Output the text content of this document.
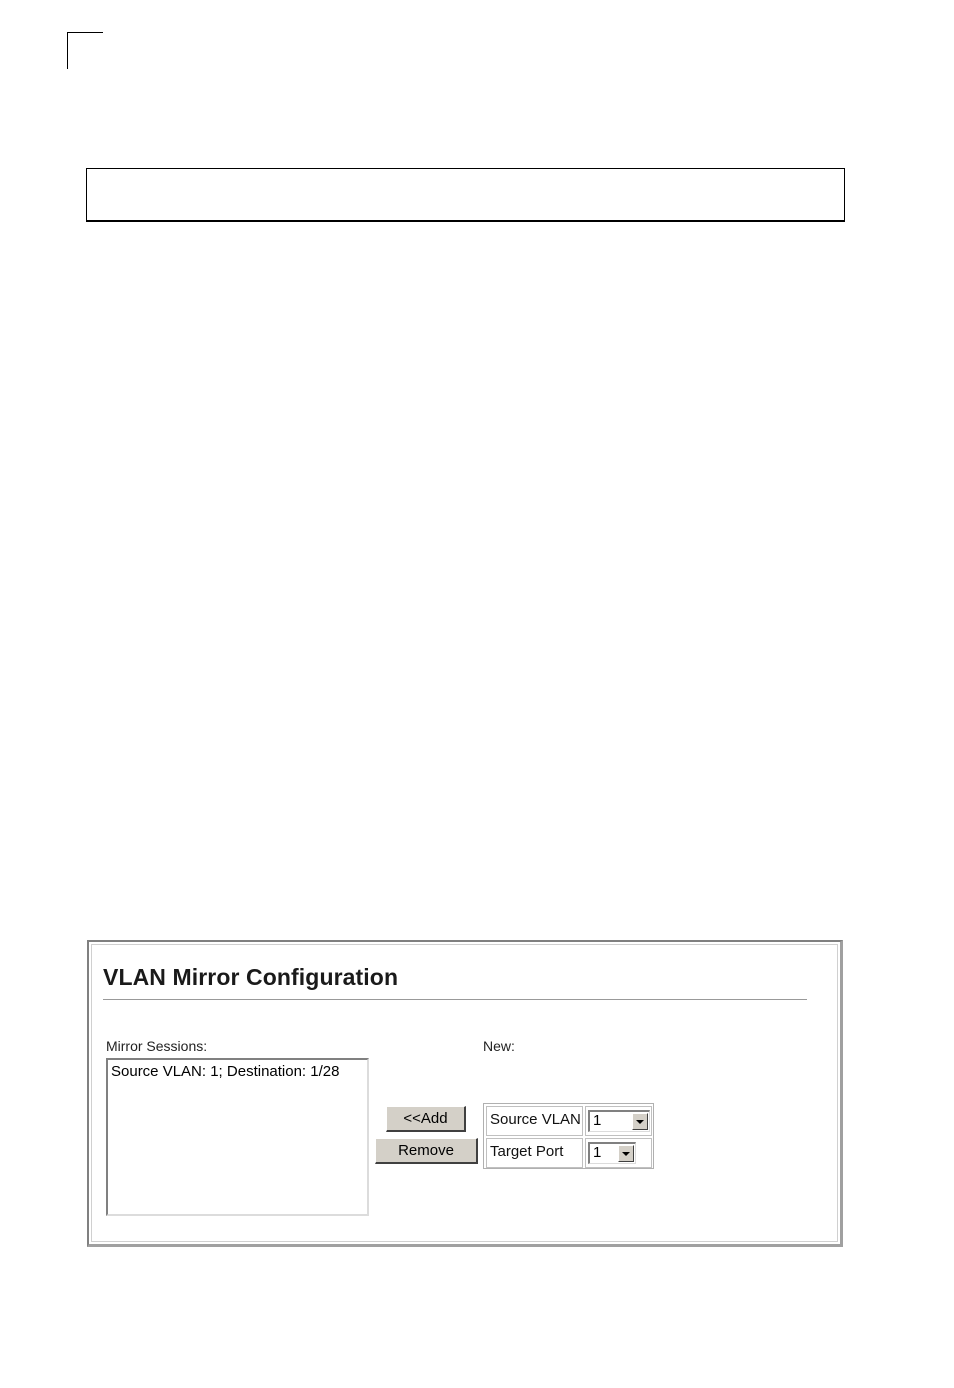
VLAN Mirror Configuration
Mirror Sessions:	New:
Source VLAN: 1; Destination: 1/28
<<Add
Remove
Source VLAN 1
Target Port	1
